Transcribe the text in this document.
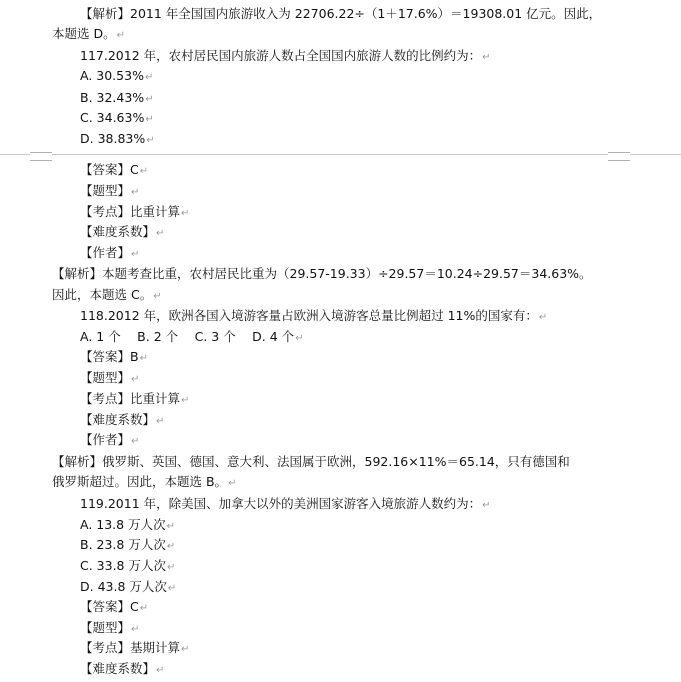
【解析】2011 年全国国内旅游收入为 22706.22÷（1＋17.6%）＝19308.01 亿元。因此，
本题选 D。↵
117.2012 年，农村居民国内旅游人数占全国国内旅游人数的比例约为：↵
A. 30.53%↵
B. 32.43%↵
C. 34.63%↵
D. 38.83%↵
【答案】C↵
【题型】↵
【考点】比重计算↵
【难度系数】↵
【作者】↵
【解析】本题考查比重，农村居民比重为（29.57-19.33）÷29.57＝10.24÷29.57＝34.63%。
因此，本题选 C。↵
118.2012 年，欧洲各国入境游客量占欧洲入境游客总量比例超过 11%的国家有：↵
A. 1 个　 B. 2 个　 C. 3 个　 D. 4 个↵
【答案】B↵
【题型】↵
【考点】比重计算↵
【难度系数】↵
【作者】↵
【解析】俄罗斯、英国、德国、意大利、法国属于欧洲，592.16×11%＝65.14，只有德国和
俄罗斯超过。因此，本题选 B。↵
119.2011 年，除美国、加拿大以外的美洲国家游客入境旅游人数约为：↵
A. 13.8 万人次↵
B. 23.8 万人次↵
C. 33.8 万人次↵
D. 43.8 万人次↵
【答案】C↵
【题型】↵
【考点】基期计算↵
【难度系数】↵
